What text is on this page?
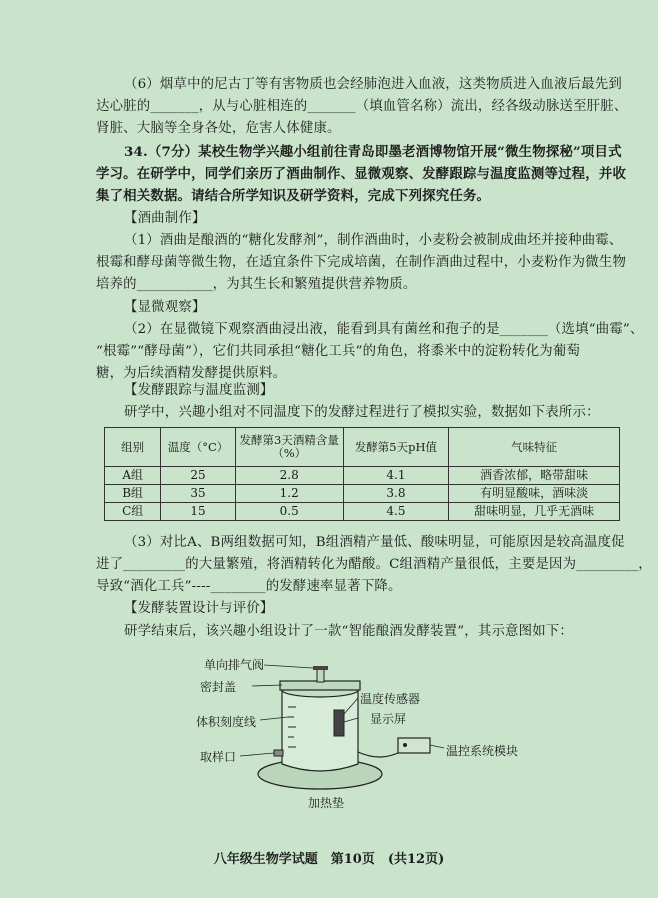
（6）烟草中的尼古丁等有害物质也会经肺泡进入血液，这类物质进入血液后最先到
达心脏的_______，从与心脏相连的_______（填血管名称）流出，经各级动脉送至肝脏、
肾脏、大脑等全身各处，危害人体健康。
34.（7分）某校生物学兴趣小组前往青岛即墨老酒博物馆开展“微生物探秘”项目式
学习。在研学中，同学们亲历了酒曲制作、显微观察、发酵跟踪与温度监测等过程，并收
集了相关数据。请结合所学知识及研学资料，完成下列探究任务。
【酒曲制作】
（1）酒曲是酿酒的“糖化发酵剂”，制作酒曲时，小麦粉会被制成曲坯并接种曲霉、
根霉和酵母菌等微生物，在适宜条件下完成培菌，在制作酒曲过程中，小麦粉作为微生物
培养的___________，为其生长和繁殖提供营养物质。
【显微观察】
（2）在显微镜下观察酒曲浸出液，能看到具有菌丝和孢子的是_______（选填“曲霉”、
“根霉”“酵母菌”），它们共同承担“糖化工兵”的角色，将黍米中的淀粉转化为葡萄
糖，为后续酒精发酵提供原料。
【发酵跟踪与温度监测】
研学中，兴趣小组对不同温度下的发酵过程进行了模拟实验，数据如下表所示：
组别	温度（°C）	发酵第3天酒精含量（%）	发酵第5天pH值	气味特征
A组	25	2.8	4.1	酒香浓郁，略带甜味
B组	35	1.2	3.8	有明显酸味，酒味淡
C组	15	0.5	4.5	甜味明显，几乎无酒味
（3）对比A、B两组数据可知，B组酒精产量低、酸味明显，可能原因是较高温度促
进了_________的大量繁殖，将酒精转化为醋酸。C组酒精产量很低，主要是因为_________，
导致“酒化工兵”----________的发酵速率显著下降。
【发酵装置设计与评价】
研学结束后，该兴趣小组设计了一款“智能酿酒发酵装置”，其示意图如下：
单向排气阀
密封盖
体积刻度线
取样口
温度传感器
显示屏
温控系统模块
加热垫
八年级生物学试题　第10页　(共12页)
